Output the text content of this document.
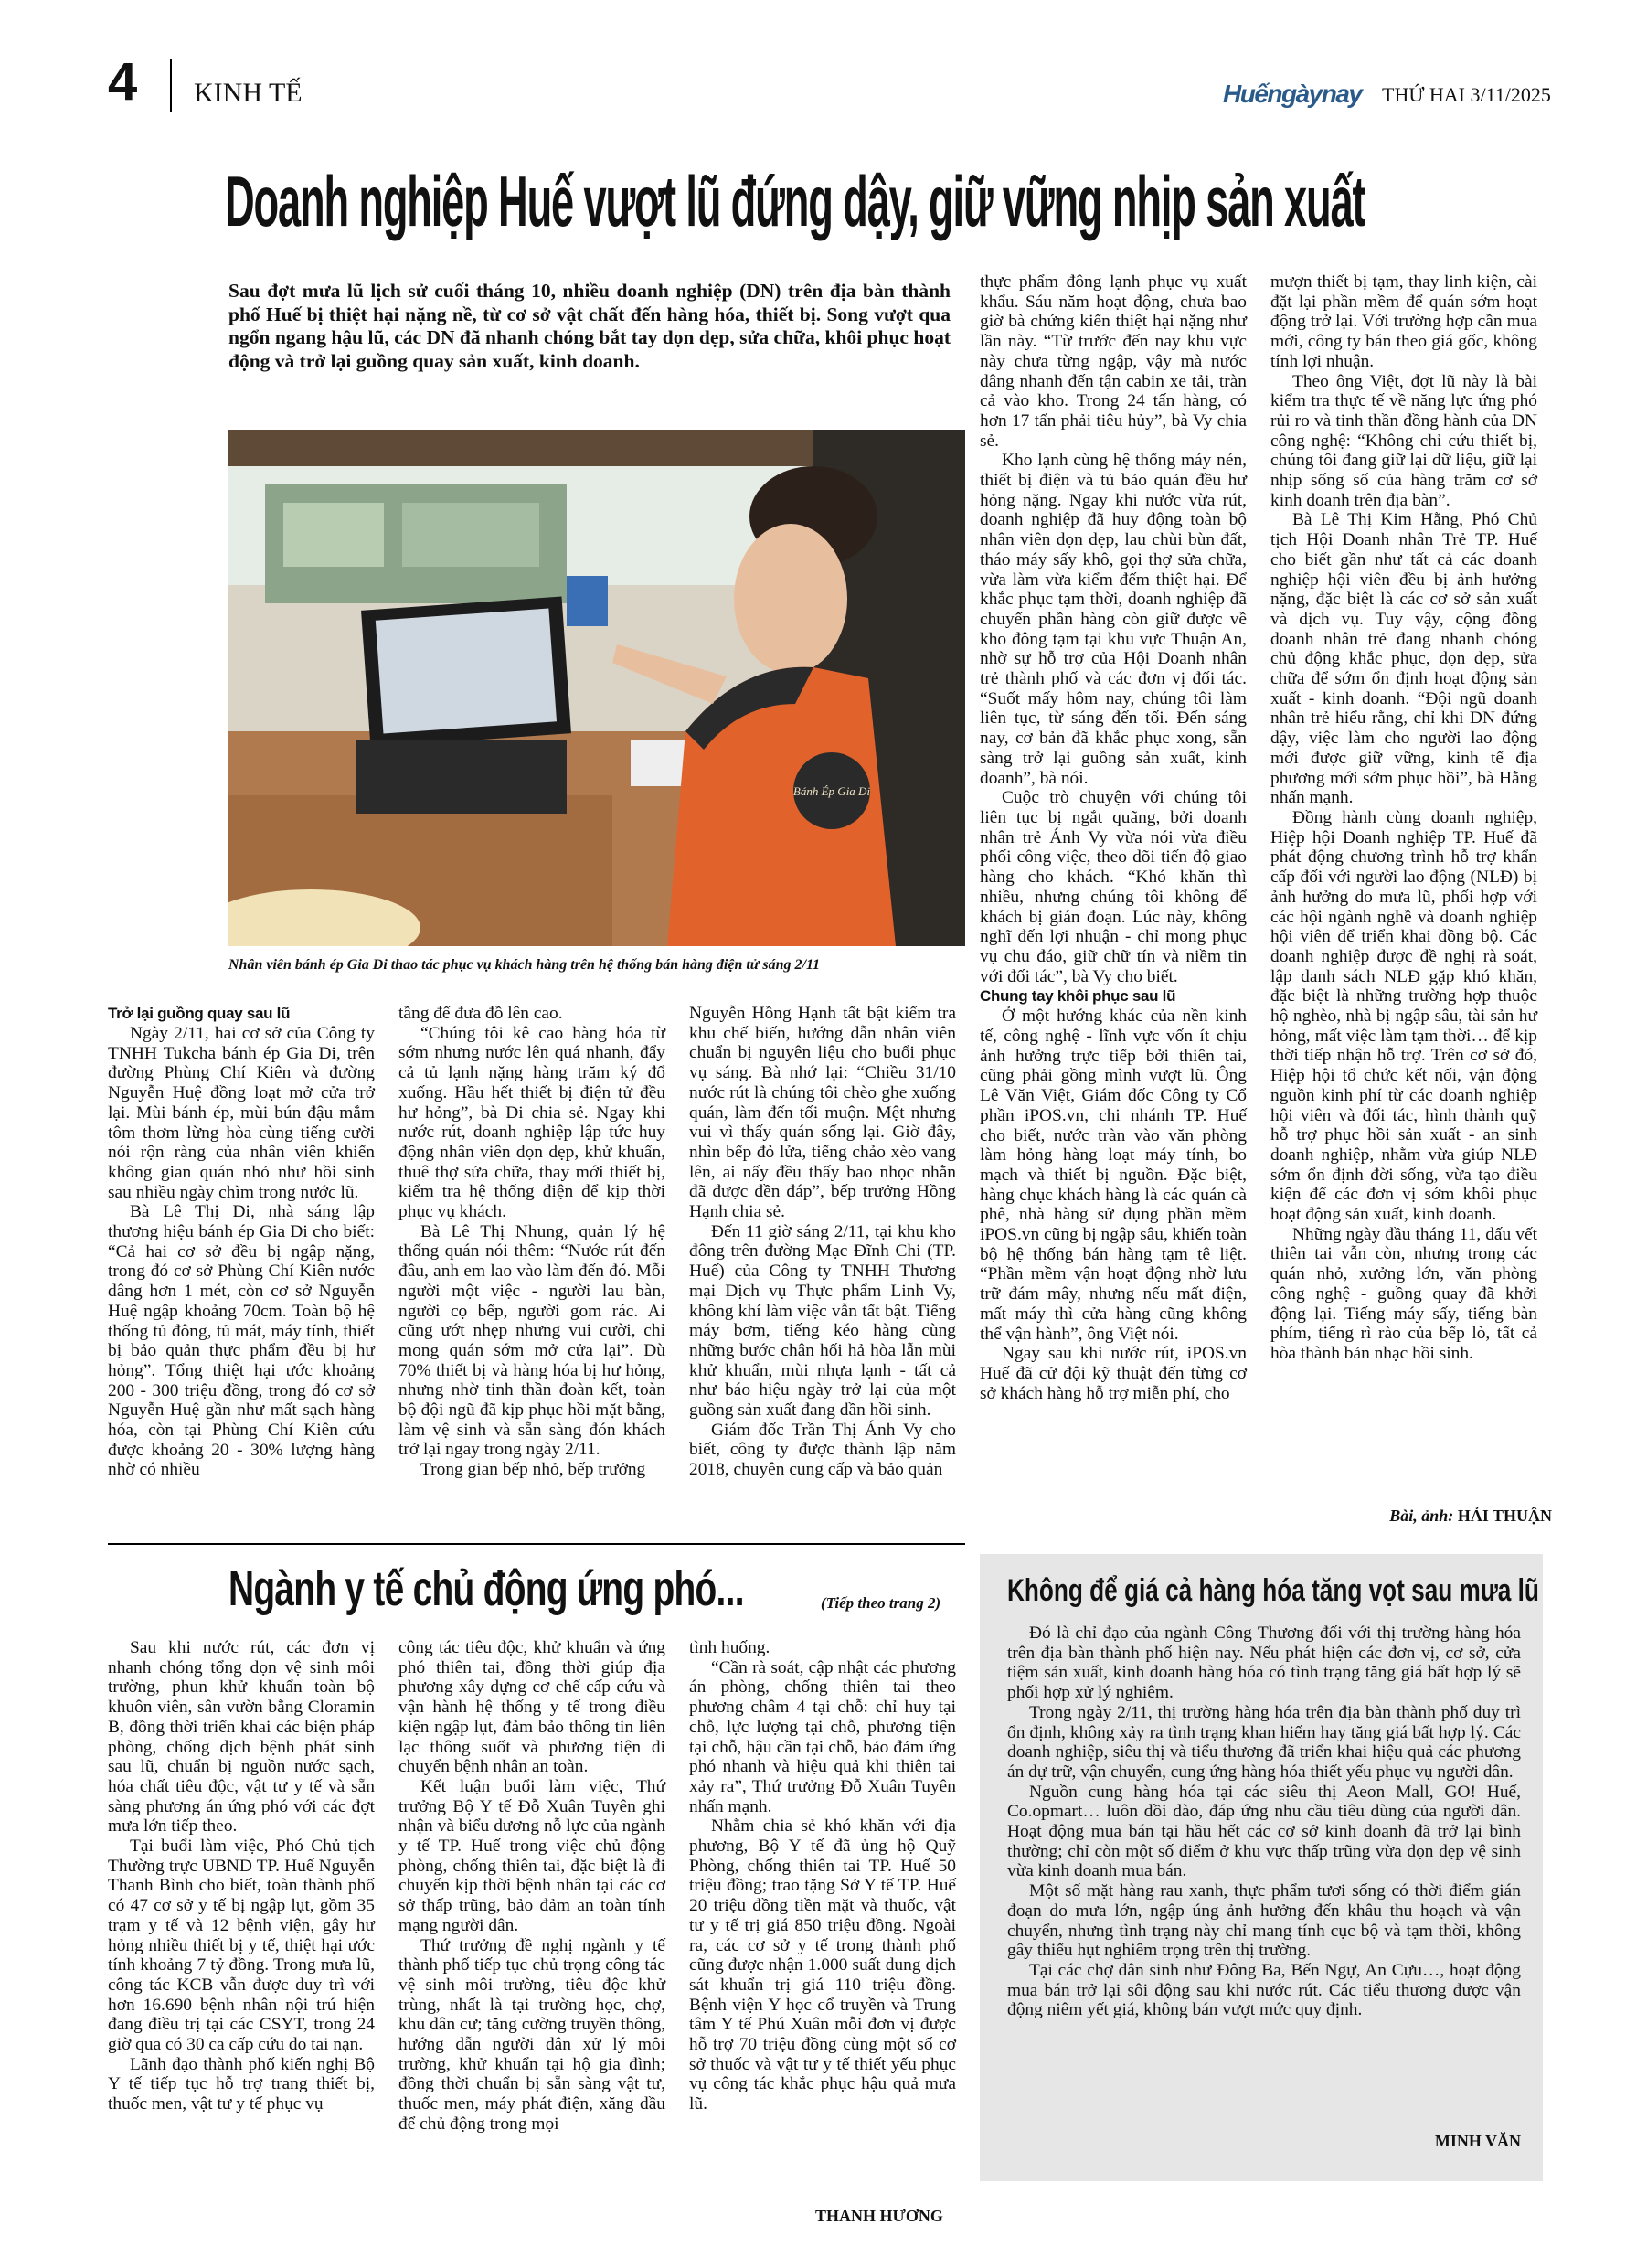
4 KINH TẾ	Huếngàynay THỨ HAI 3/11/2025
Doanh nghiệp Huế vượt lũ đứng dậy, giữ vững nhịp sản xuất
Sau đợt mưa lũ lịch sử cuối tháng 10, nhiều doanh nghiệp (DN) trên địa bàn thành phố Huế bị thiệt hại nặng nề, từ cơ sở vật chất đến hàng hóa, thiết bị. Song vượt qua ngổn ngang hậu lũ, các DN đã nhanh chóng bắt tay dọn dẹp, sửa chữa, khôi phục hoạt động và trở lại guồng quay sản xuất, kinh doanh.
Bánh Ép Gia Di
Nhân viên bánh ép Gia Di thao tác phục vụ khách hàng trên hệ thống bán hàng điện tử sáng 2/11

Trở lại guồng quay sau lũ

Ngày 2/11, hai cơ sở của Công ty TNHH Tukcha bánh ép Gia Di, trên đường Phùng Chí Kiên và đường Nguyễn Huệ đồng loạt mở cửa trở lại. Mùi bánh ép, mùi bún đậu mắm tôm thơm lừng hòa cùng tiếng cười nói rộn ràng của nhân viên khiến không gian quán nhỏ như hồi sinh sau nhiều ngày chìm trong nước lũ.

Bà Lê Thị Di, nhà sáng lập thương hiệu bánh ép Gia Di cho biết: “Cả hai cơ sở đều bị ngập nặng, trong đó cơ sở Phùng Chí Kiên nước dâng hơn 1 mét, còn cơ sở Nguyễn Huệ ngập khoảng 70cm. Toàn bộ hệ thống tủ đông, tủ mát, máy tính, thiết bị bảo quản thực phẩm đều bị hư hỏng”. Tổng thiệt hại ước khoảng 200 - 300 triệu đồng, trong đó cơ sở Nguyễn Huệ gần như mất sạch hàng hóa, còn tại Phùng Chí Kiên cứu được khoảng 20 - 30% lượng hàng nhờ có nhiều

tầng để đưa đồ lên cao.

“Chúng tôi kê cao hàng hóa từ sớm nhưng nước lên quá nhanh, đẩy cả tủ lạnh nặng hàng trăm ký đổ xuống. Hầu hết thiết bị điện tử đều hư hỏng”, bà Di chia sẻ. Ngay khi nước rút, doanh nghiệp lập tức huy động nhân viên dọn dẹp, khử khuẩn, thuê thợ sửa chữa, thay mới thiết bị, kiểm tra hệ thống điện để kịp thời phục vụ khách.

Bà Lê Thị Nhung, quản lý hệ thống quán nói thêm: “Nước rút đến đâu, anh em lao vào làm đến đó. Mỗi người một việc - người lau bàn, người cọ bếp, người gom rác. Ai cũng ướt nhẹp nhưng vui cười, chỉ mong quán sớm mở cửa lại”. Dù 70% thiết bị và hàng hóa bị hư hỏng, nhưng nhờ tinh thần đoàn kết, toàn bộ đội ngũ đã kịp phục hồi mặt bằng, làm vệ sinh và sẵn sàng đón khách trở lại ngay trong ngày 2/11.

Trong gian bếp nhỏ, bếp trưởng

Nguyễn Hồng Hạnh tất bật kiểm tra khu chế biến, hướng dẫn nhân viên chuẩn bị nguyên liệu cho buổi phục vụ sáng. Bà nhớ lại: “Chiều 31/10 nước rút là chúng tôi chèo ghe xuống quán, làm đến tối muộn. Mệt nhưng vui vì thấy quán sống lại. Giờ đây, nhìn bếp đỏ lửa, tiếng chảo xèo vang lên, ai nấy đều thấy bao nhọc nhằn đã được đền đáp”, bếp trưởng Hồng Hạnh chia sẻ.

Đến 11 giờ sáng 2/11, tại khu kho đông trên đường Mạc Đĩnh Chi (TP. Huế) của Công ty TNHH Thương mại Dịch vụ Thực phẩm Linh Vy, không khí làm việc vẫn tất bật. Tiếng máy bơm, tiếng kéo hàng cùng những bước chân hối hả hòa lẫn mùi khử khuẩn, mùi nhựa lạnh - tất cả như báo hiệu ngày trở lại của một guồng sản xuất đang dần hồi sinh.

Giám đốc Trần Thị Ánh Vy cho biết, công ty được thành lập năm 2018, chuyên cung cấp và bảo quản

thực phẩm đông lạnh phục vụ xuất khẩu. Sáu năm hoạt động, chưa bao giờ bà chứng kiến thiệt hại nặng như lần này. “Từ trước đến nay khu vực này chưa từng ngập, vậy mà nước dâng nhanh đến tận cabin xe tải, tràn cả vào kho. Trong 24 tấn hàng, có hơn 17 tấn phải tiêu hủy”, bà Vy chia sẻ.

Kho lạnh cùng hệ thống máy nén, thiết bị điện và tủ bảo quản đều hư hỏng nặng. Ngay khi nước vừa rút, doanh nghiệp đã huy động toàn bộ nhân viên dọn dẹp, lau chùi bùn đất, tháo máy sấy khô, gọi thợ sửa chữa, vừa làm vừa kiểm đếm thiệt hại. Để khắc phục tạm thời, doanh nghiệp đã chuyển phần hàng còn giữ được về kho đông tạm tại khu vực Thuận An, nhờ sự hỗ trợ của Hội Doanh nhân trẻ thành phố và các đơn vị đối tác. “Suốt mấy hôm nay, chúng tôi làm liên tục, từ sáng đến tối. Đến sáng nay, cơ bản đã khắc phục xong, sẵn sàng trở lại guồng sản xuất, kinh doanh”, bà nói.

Cuộc trò chuyện với chúng tôi liên tục bị ngắt quãng, bởi doanh nhân trẻ Ánh Vy vừa nói vừa điều phối công việc, theo dõi tiến độ giao hàng cho khách. “Khó khăn thì nhiều, nhưng chúng tôi không để khách bị gián đoạn. Lúc này, không nghĩ đến lợi nhuận - chỉ mong phục vụ chu đáo, giữ chữ tín và niềm tin với đối tác”, bà Vy cho biết.

Chung tay khôi phục sau lũ

Ở một hướng khác của nền kinh tế, công nghệ - lĩnh vực vốn ít chịu ảnh hưởng trực tiếp bởi thiên tai, cũng phải gồng mình vượt lũ. Ông Lê Văn Việt, Giám đốc Công ty Cổ phần iPOS.vn, chi nhánh TP. Huế cho biết, nước tràn vào văn phòng làm hỏng hàng loạt máy tính, bo mạch và thiết bị nguồn. Đặc biệt, hàng chục khách hàng là các quán cà phê, nhà hàng sử dụng phần mềm iPOS.vn cũng bị ngập sâu, khiến toàn bộ hệ thống bán hàng tạm tê liệt. “Phần mềm vận hoạt động nhờ lưu trữ đám mây, nhưng nếu mất điện, mất máy thì cửa hàng cũng không thể vận hành”, ông Việt nói.

Ngay sau khi nước rút, iPOS.vn Huế đã cử đội kỹ thuật đến từng cơ sở khách hàng hỗ trợ miễn phí, cho

mượn thiết bị tạm, thay linh kiện, cài đặt lại phần mềm để quán sớm hoạt động trở lại. Với trường hợp cần mua mới, công ty bán theo giá gốc, không tính lợi nhuận.

Theo ông Việt, đợt lũ này là bài kiểm tra thực tế về năng lực ứng phó rủi ro và tinh thần đồng hành của DN công nghệ: “Không chỉ cứu thiết bị, chúng tôi đang giữ lại dữ liệu, giữ lại nhịp sống số của hàng trăm cơ sở kinh doanh trên địa bàn”.

Bà Lê Thị Kim Hằng, Phó Chủ tịch Hội Doanh nhân Trẻ TP. Huế cho biết gần như tất cả các doanh nghiệp hội viên đều bị ảnh hưởng nặng, đặc biệt là các cơ sở sản xuất và dịch vụ. Tuy vậy, cộng đồng doanh nhân trẻ đang nhanh chóng chủ động khắc phục, dọn dẹp, sửa chữa để sớm ổn định hoạt động sản xuất - kinh doanh. “Đội ngũ doanh nhân trẻ hiểu rằng, chỉ khi DN đứng dậy, việc làm cho người lao động mới được giữ vững, kinh tế địa phương mới sớm phục hồi”, bà Hằng nhấn mạnh.

Đồng hành cùng doanh nghiệp, Hiệp hội Doanh nghiệp TP. Huế đã phát động chương trình hỗ trợ khẩn cấp đối với người lao động (NLĐ) bị ảnh hưởng do mưa lũ, phối hợp với các hội ngành nghề và doanh nghiệp hội viên để triển khai đồng bộ. Các doanh nghiệp được đề nghị rà soát, lập danh sách NLĐ gặp khó khăn, đặc biệt là những trường hợp thuộc hộ nghèo, nhà bị ngập sâu, tài sản hư hỏng, mất việc làm tạm thời… để kịp thời tiếp nhận hỗ trợ. Trên cơ sở đó, Hiệp hội tổ chức kết nối, vận động nguồn kinh phí từ các doanh nghiệp hội viên và đối tác, hình thành quỹ hỗ trợ phục hồi sản xuất - an sinh doanh nghiệp, nhằm vừa giúp NLĐ sớm ổn định đời sống, vừa tạo điều kiện để các đơn vị sớm khôi phục hoạt động sản xuất, kinh doanh.

Những ngày đầu tháng 11, dấu vết thiên tai vẫn còn, nhưng trong các quán nhỏ, xưởng lớn, văn phòng công nghệ - guồng quay đã khởi động lại. Tiếng máy sấy, tiếng bàn phím, tiếng rì rào của bếp lò, tất cả hòa thành bản nhạc hồi sinh.

Bài, ảnh: HẢI THUẬN
Ngành y tế chủ động ứng phó...	(Tiếp theo trang 2)

Sau khi nước rút, các đơn vị nhanh chóng tổng dọn vệ sinh môi trường, phun khử khuẩn toàn bộ khuôn viên, sân vườn bằng Cloramin B, đồng thời triển khai các biện pháp phòng, chống dịch bệnh phát sinh sau lũ, chuẩn bị nguồn nước sạch, hóa chất tiêu độc, vật tư y tế và sẵn sàng phương án ứng phó với các đợt mưa lớn tiếp theo.

Tại buổi làm việc, Phó Chủ tịch Thường trực UBND TP. Huế Nguyễn Thanh Bình cho biết, toàn thành phố có 47 cơ sở y tế bị ngập lụt, gồm 35 trạm y tế và 12 bệnh viện, gây hư hỏng nhiều thiết bị y tế, thiệt hại ước tính khoảng 7 tỷ đồng. Trong mưa lũ, công tác KCB vẫn được duy trì với hơn 16.690 bệnh nhân nội trú hiện đang điều trị tại các CSYT, trong 24 giờ qua có 30 ca cấp cứu do tai nạn.

Lãnh đạo thành phố kiến nghị Bộ Y tế tiếp tục hỗ trợ trang thiết bị, thuốc men, vật tư y tế phục vụ

công tác tiêu độc, khử khuẩn và ứng phó thiên tai, đồng thời giúp địa phương xây dựng cơ chế cấp cứu và vận hành hệ thống y tế trong điều kiện ngập lụt, đảm bảo thông tin liên lạc thông suốt và phương tiện di chuyển bệnh nhân an toàn.

Kết luận buổi làm việc, Thứ trưởng Bộ Y tế Đỗ Xuân Tuyên ghi nhận và biểu dương nỗ lực của ngành y tế TP. Huế trong việc chủ động phòng, chống thiên tai, đặc biệt là đi chuyển kịp thời bệnh nhân tại các cơ sở thấp trũng, bảo đảm an toàn tính mạng người dân.

Thứ trưởng đề nghị ngành y tế thành phố tiếp tục chủ trọng công tác vệ sinh môi trường, tiêu độc khử trùng, nhất là tại trường học, chợ, khu dân cư; tăng cường truyền thông, hướng dẫn người dân xử lý môi trường, khử khuẩn tại hộ gia đình; đồng thời chuẩn bị sẵn sàng vật tư, thuốc men, máy phát điện, xăng dầu để chủ động trong mọi

tình huống.

“Cần rà soát, cập nhật các phương án phòng, chống thiên tai theo phương châm 4 tại chỗ: chỉ huy tại chỗ, lực lượng tại chỗ, phương tiện tại chỗ, hậu cần tại chỗ, bảo đảm ứng phó nhanh và hiệu quả khi thiên tai xảy ra”, Thứ trưởng Đỗ Xuân Tuyên nhấn mạnh.

Nhằm chia sẻ khó khăn với địa phương, Bộ Y tế đã ủng hộ Quỹ Phòng, chống thiên tai TP. Huế 50 triệu đồng; trao tặng Sở Y tế TP. Huế 20 triệu đồng tiền mặt và thuốc, vật tư y tế trị giá 850 triệu đồng. Ngoài ra, các cơ sở y tế trong thành phố cũng được nhận 1.000 suất dung dịch sát khuẩn trị giá 110 triệu đồng. Bệnh viện Y học cổ truyền và Trung tâm Y tế Phú Xuân mỗi đơn vị được hỗ trợ 70 triệu đồng cùng một số cơ sở thuốc và vật tư y tế thiết yếu phục vụ công tác khắc phục hậu quả mưa lũ.

THANH HƯƠNG
Không để giá cả hàng hóa tăng vọt sau mưa lũ

Đó là chỉ đạo của ngành Công Thương đối với thị trường hàng hóa trên địa bàn thành phố hiện nay. Nếu phát hiện các đơn vị, cơ sở, cửa tiệm sản xuất, kinh doanh hàng hóa có tình trạng tăng giá bất hợp lý sẽ phối hợp xử lý nghiêm.

Trong ngày 2/11, thị trường hàng hóa trên địa bàn thành phố duy trì ổn định, không xảy ra tình trạng khan hiếm hay tăng giá bất hợp lý. Các doanh nghiệp, siêu thị và tiểu thương đã triển khai hiệu quả các phương án dự trữ, vận chuyển, cung ứng hàng hóa thiết yếu phục vụ người dân.

Nguồn cung hàng hóa tại các siêu thị Aeon Mall, GO! Huế, Co.opmart… luôn dồi dào, đáp ứng nhu cầu tiêu dùng của người dân. Hoạt động mua bán tại hầu hết các cơ sở kinh doanh đã trở lại bình thường; chỉ còn một số điểm ở khu vực thấp trũng vừa dọn dẹp vệ sinh vừa kinh doanh mua bán.

Một số mặt hàng rau xanh, thực phẩm tươi sống có thời điểm gián đoạn do mưa lớn, ngập úng ảnh hưởng đến khâu thu hoạch và vận chuyển, nhưng tình trạng này chỉ mang tính cục bộ và tạm thời, không gây thiếu hụt nghiêm trọng trên thị trường.

Tại các chợ dân sinh như Đông Ba, Bến Ngự, An Cựu…, hoạt động mua bán trở lại sôi động sau khi nước rút. Các tiểu thương được vận động niêm yết giá, không bán vượt mức quy định.

MINH VĂN
